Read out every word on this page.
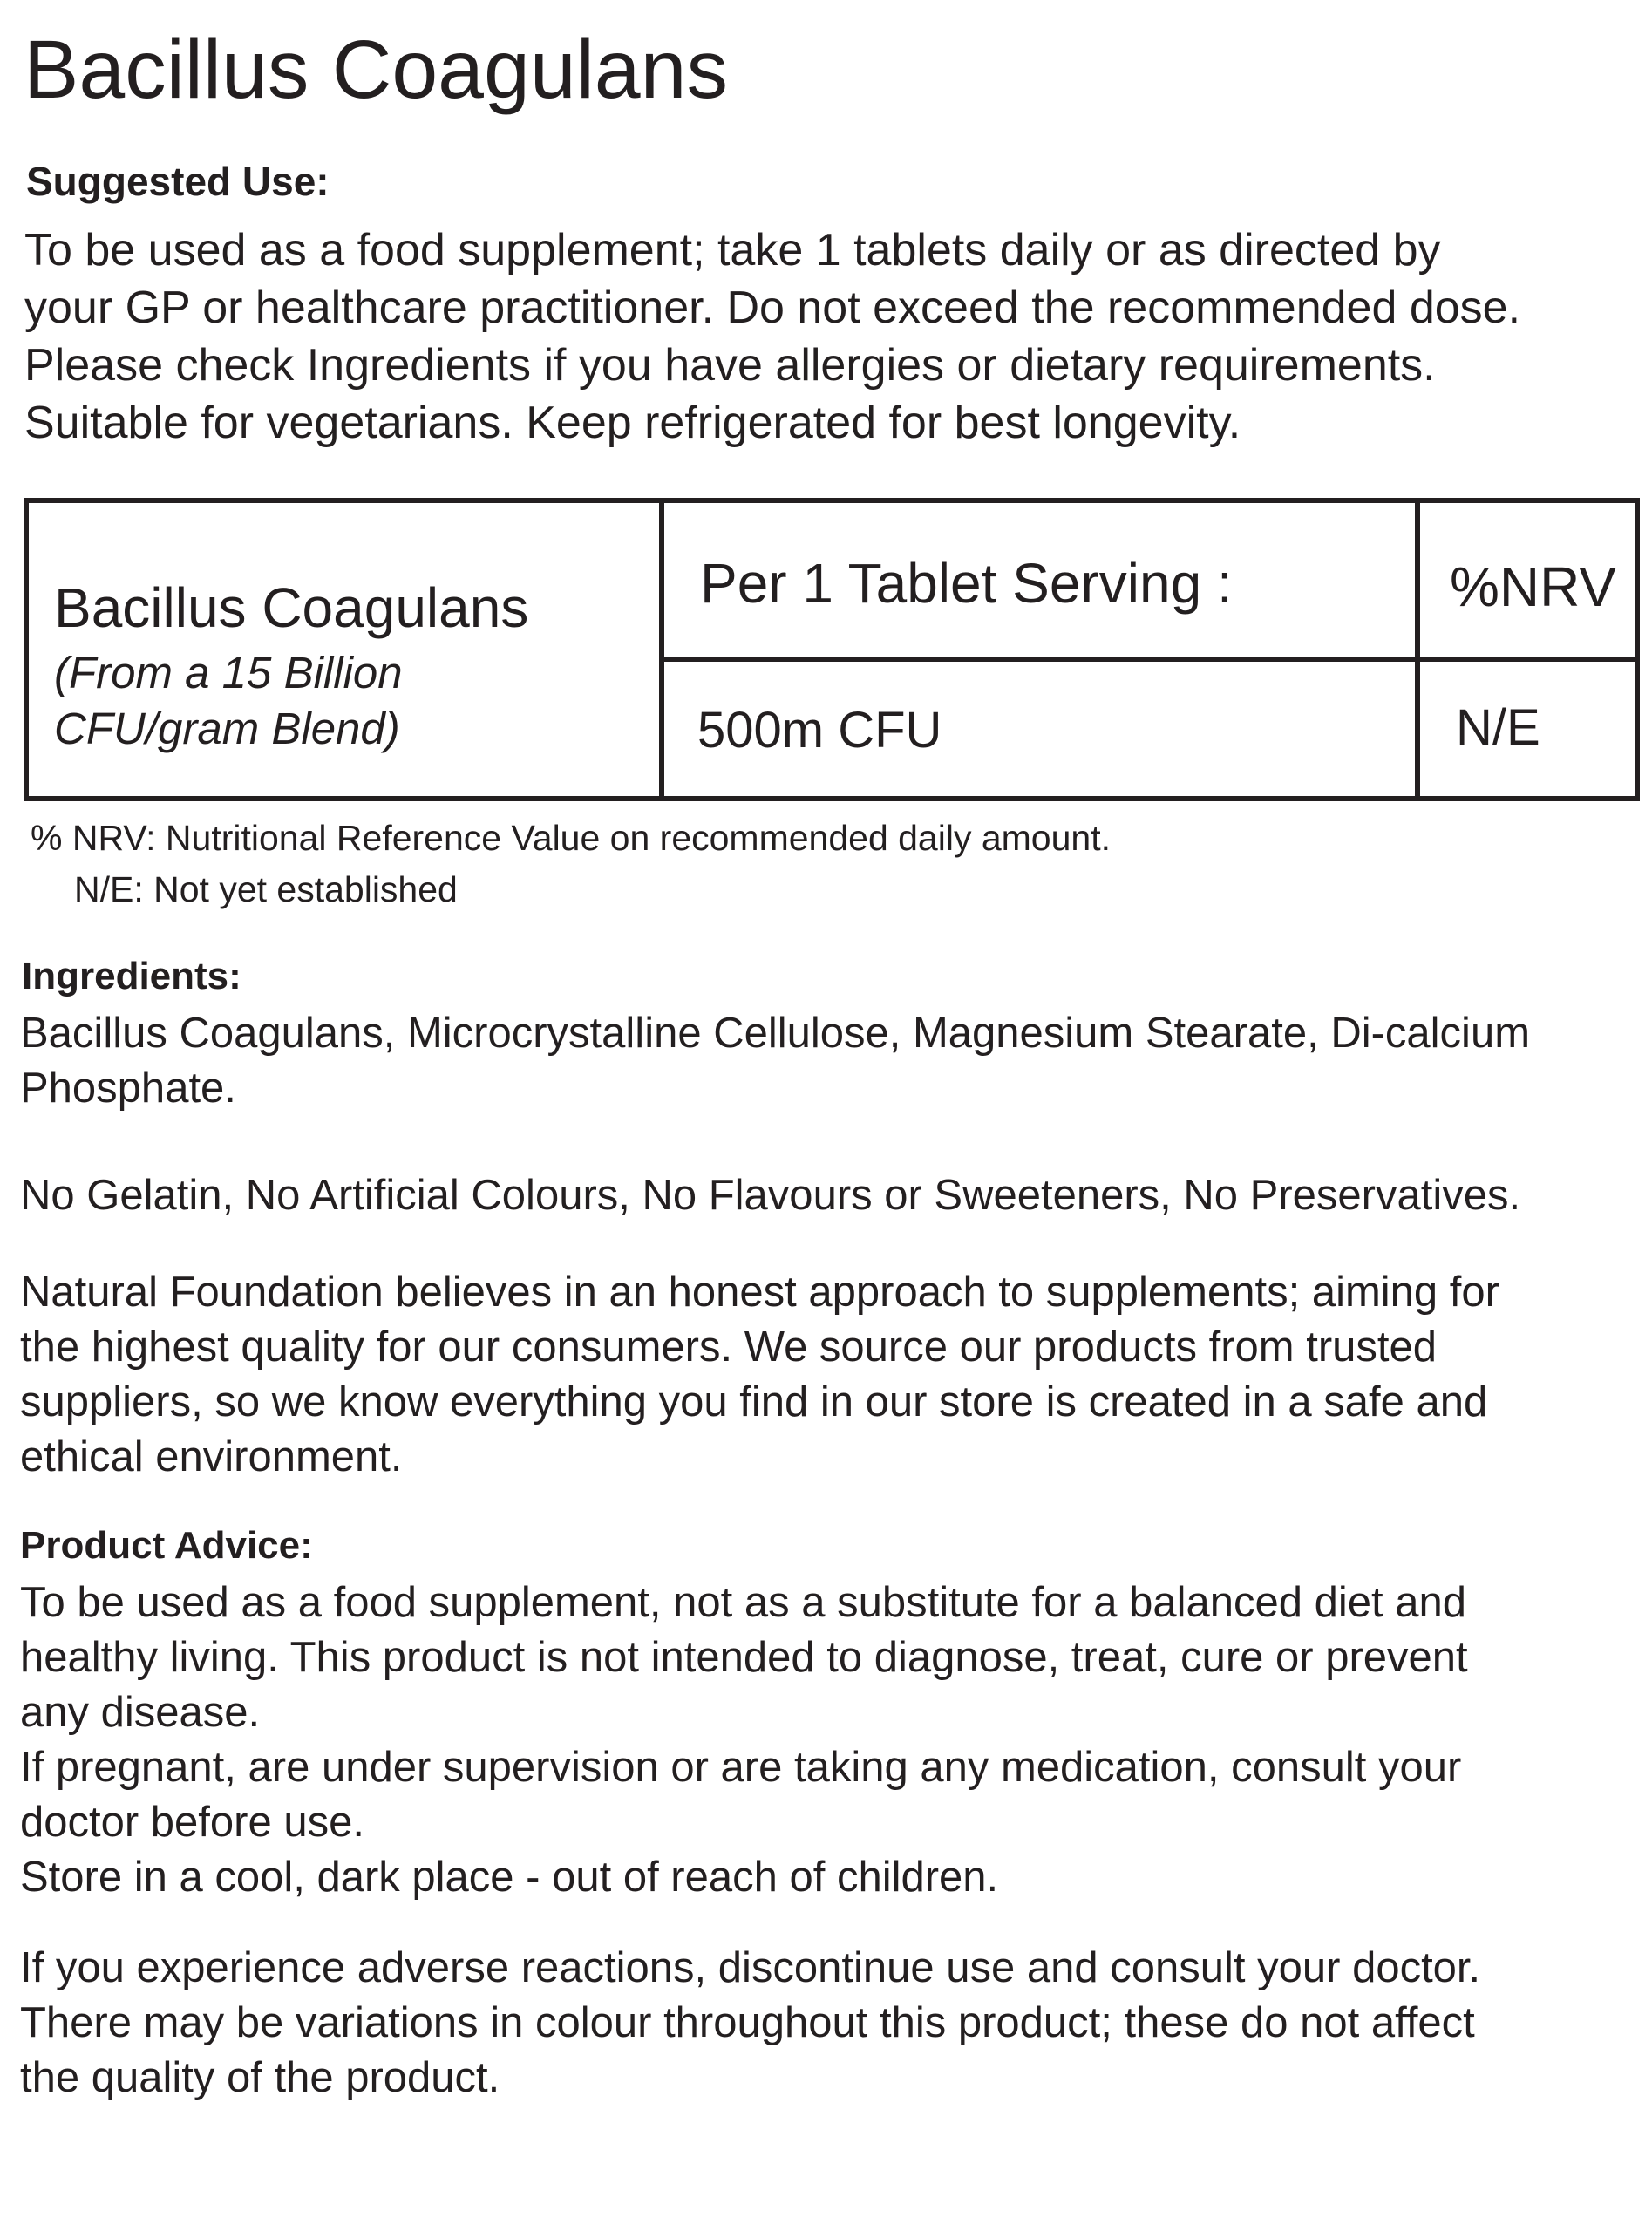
Bacillus Coagulans
Suggested Use:
To be used as a food supplement; take 1 tablets daily or as directed by
your GP or healthcare practitioner. Do not exceed the recommended dose.
Please check Ingredients if you have allergies or dietary requirements.
Suitable for vegetarians. Keep refrigerated for best longevity.
Bacillus Coagulans
(From a 15 Billion
CFU/gram Blend)
Per 1 Tablet Serving :	%NRV
500m CFU	N/E
% NRV: Nutritional Reference Value on recommended daily amount.
N/E: Not yet established
Ingredients:
Bacillus Coagulans, Microcrystalline Cellulose, Magnesium Stearate, Di-calcium
Phosphate.
No Gelatin, No Artificial Colours, No Flavours or Sweeteners, No Preservatives.
Natural Foundation believes in an honest approach to supplements; aiming for
the highest quality for our consumers. We source our products from trusted
suppliers, so we know everything you find in our store is created in a safe and
ethical environment.
Product Advice:
To be used as a food supplement, not as a substitute for a balanced diet and
healthy living. This product is not intended to diagnose, treat, cure or prevent
any disease.
If pregnant, are under supervision or are taking any medication, consult your
doctor before use.
Store in a cool, dark place - out of reach of children.
If you experience adverse reactions, discontinue use and consult your doctor.
There may be variations in colour throughout this product; these do not affect
the quality of the product.
